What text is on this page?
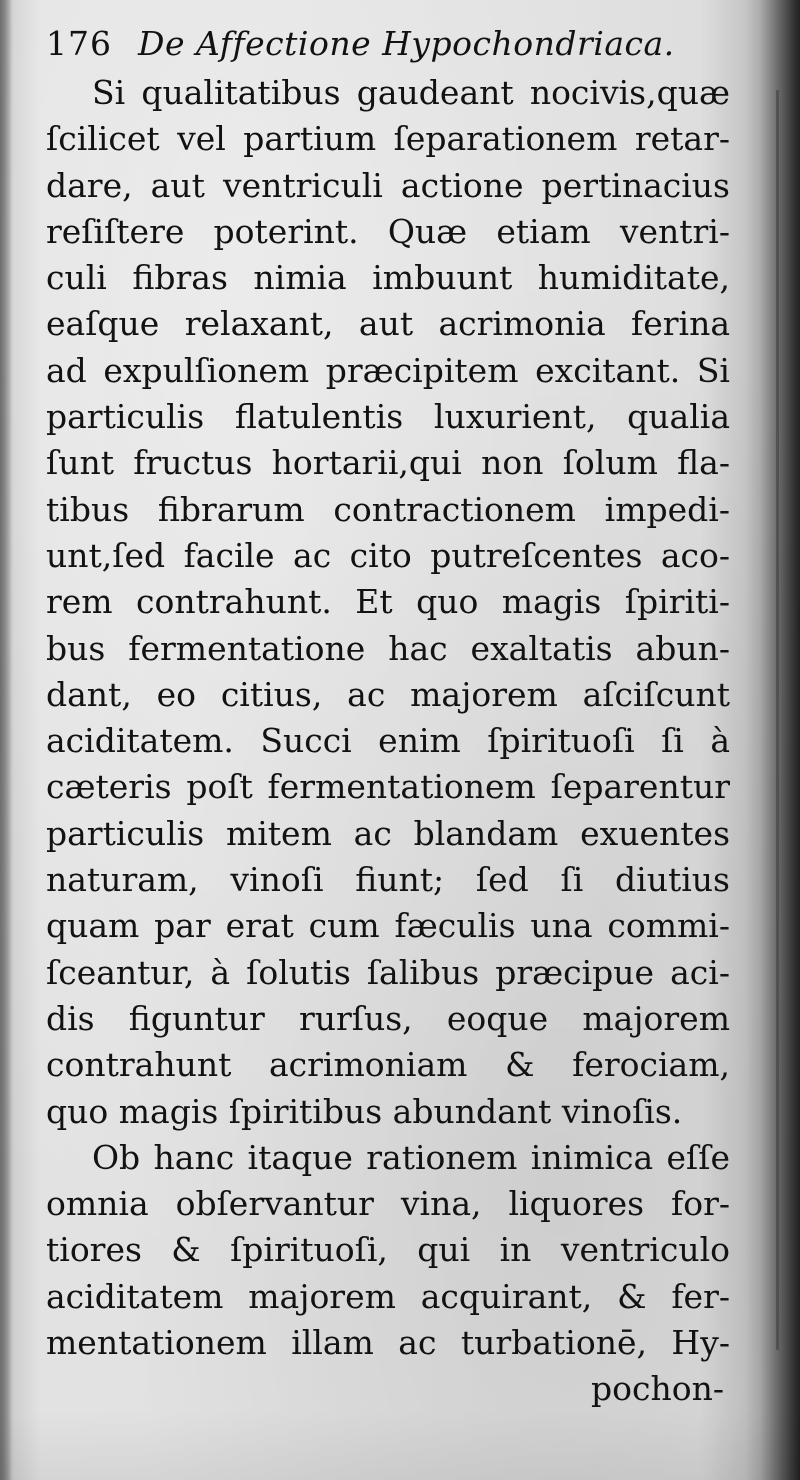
176 De Affectione Hypochondriaca.
Si qualitatibus gaudeant nocivis,quæ
ſcilicet vel partium ſeparationem retar-
dare, aut ventriculi actione pertinacius
reſiſtere poterint. Quæ etiam ventri-
culi fibras nimia imbuunt humiditate,
eaſque relaxant, aut acrimonia ferina
ad expulſionem præcipitem excitant. Si
particulis flatulentis luxurient, qualia
ſunt fructus hortarii,qui non ſolum fla-
tibus fibrarum contractionem impedi-
unt,ſed facile ac cito putreſcentes aco-
rem contrahunt. Et quo magis ſpiriti-
bus fermentatione hac exaltatis abun-
dant, eo citius, ac majorem aſciſcunt
aciditatem. Succi enim ſpirituoſi ſi à
cæteris poſt fermentationem ſeparentur
particulis mitem ac blandam exuentes
naturam, vinoſi fiunt; ſed ſi diutius
quam par erat cum fæculis una commi-
ſceantur, à ſolutis ſalibus præcipue aci-
dis figuntur rurſus, eoque majorem
contrahunt acrimoniam & ferociam,
quo magis ſpiritibus abundant vinoſis.
Ob hanc itaque rationem inimica eſſe
omnia obſervantur vina, liquores for-
tiores & ſpirituoſi, qui in ventriculo
aciditatem majorem acquirant, & fer-
mentationem illam ac turbationē, Hy-
pochon-
